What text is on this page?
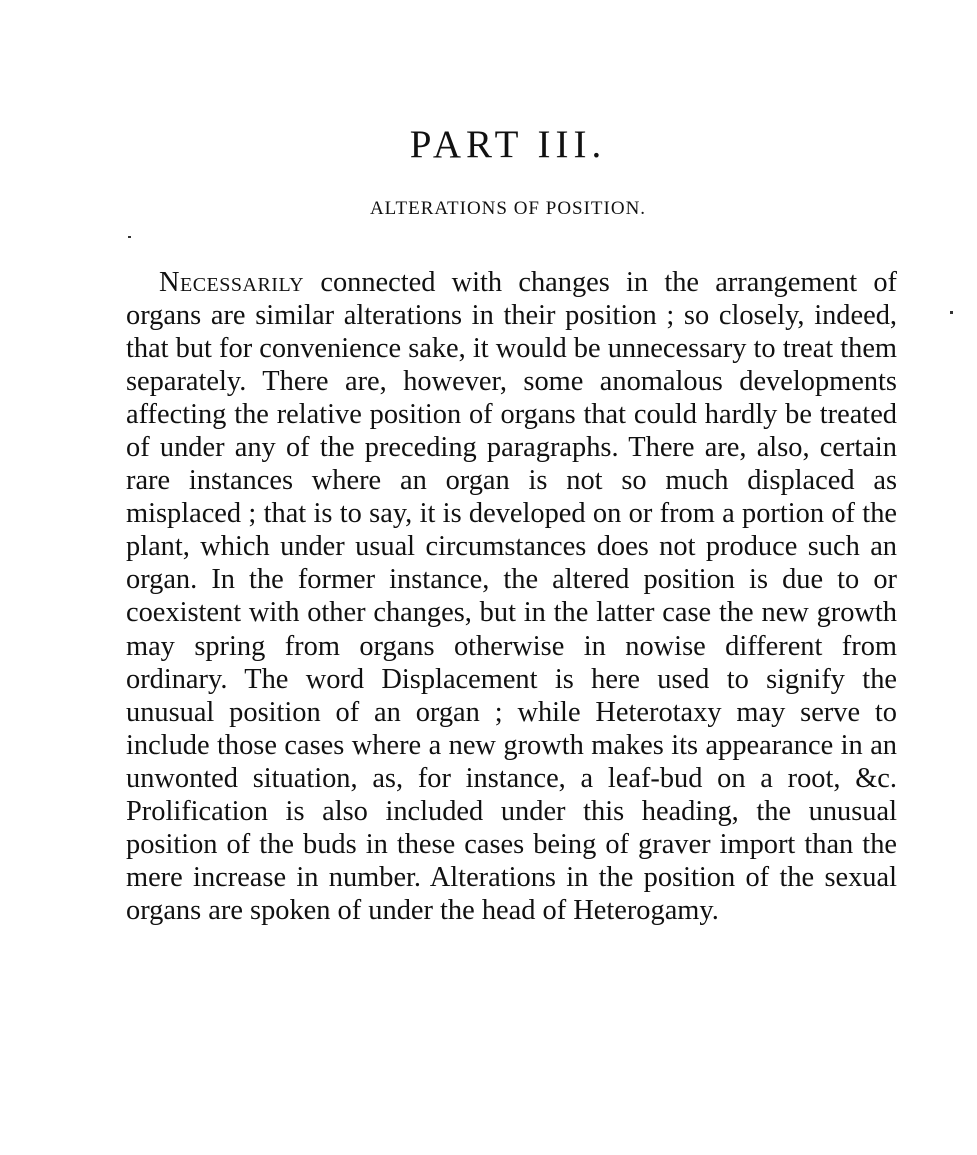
PART III.
ALTERATIONS OF POSITION.

Necessarily connected with changes in the arrangement of organs are similar alterations in their position ; so closely, indeed, that but for convenience sake, it would be unnecessary to treat them separately. There are, however, some anomalous developments affecting the relative position of organs that could hardly be treated of under any of the preceding paragraphs. There are, also, certain rare instances where an organ is not so much displaced as misplaced ; that is to say, it is developed on or from a portion of the plant, which under usual circumstances does not produce such an organ. In the former instance, the altered position is due to or coexistent with other changes, but in the latter case the new growth may spring from organs otherwise in nowise different from ordinary. The word Displacement is here used to signify the unusual position of an organ ; while Heterotaxy may serve to include those cases where a new growth makes its appearance in an unwonted situation, as, for instance, a leaf-bud on a root, &c. Prolification is also included under this heading, the unusual position of the buds in these cases being of graver import than the mere increase in number. Alterations in the position of the sexual organs are spoken of under the head of Heterogamy.
